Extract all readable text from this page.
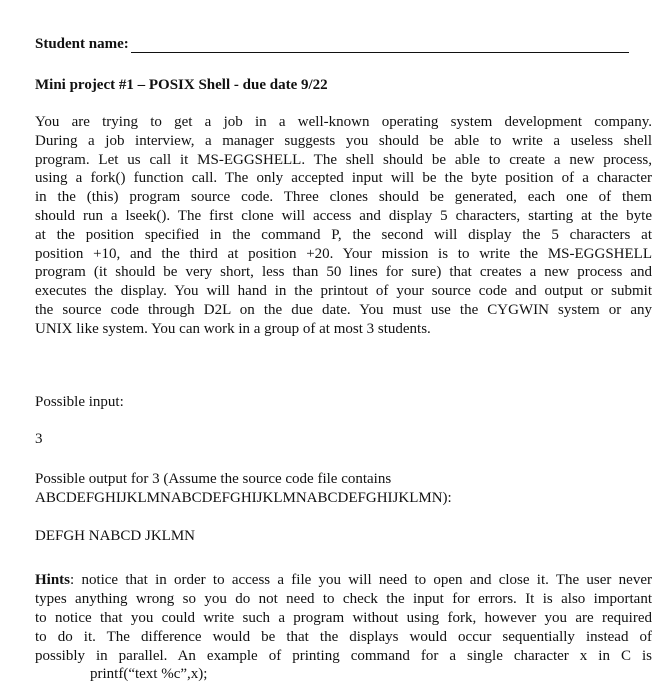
Student name:
Mini project #1 – POSIX Shell - due date 9/22
You are trying to get a job in a well-known operating system development company.
During a job interview, a manager suggests you should be able to write a useless shell
program. Let us call it MS-EGGSHELL. The shell should be able to create a new process,
using a fork() function call. The only accepted input will be the byte position of a character
in the (this) program source code. Three clones should be generated, each one of them
should run a lseek(). The first clone will access and display 5 characters, starting at the byte
at the position specified in the command P, the second will display the 5 characters at
position +10, and the third at position +20. Your mission is to write the MS-EGGSHELL
program (it should be very short, less than 50 lines for sure) that creates a new process and
executes the display. You will hand in the printout of your source code and output or submit
the source code through D2L on the due date. You must use the CYGWIN system or any
UNIX like system. You can work in a group of at most 3 students.
Possible input:
3
Possible output for 3 (Assume the source code file contains
ABCDEFGHIJKLMNABCDEFGHIJKLMNABCDEFGHIJKLMN):
DEFGH NABCD JKLMN
Hints: notice that in order to access a file you will need to open and close it. The user never
types anything wrong so you do not need to check the input for errors. It is also important
to notice that you could write such a program without using fork, however you are required
to do it. The difference would be that the displays would occur sequentially instead of
possibly in parallel. An example of printing command for a single character x in C is
printf(“text %c”,x);
